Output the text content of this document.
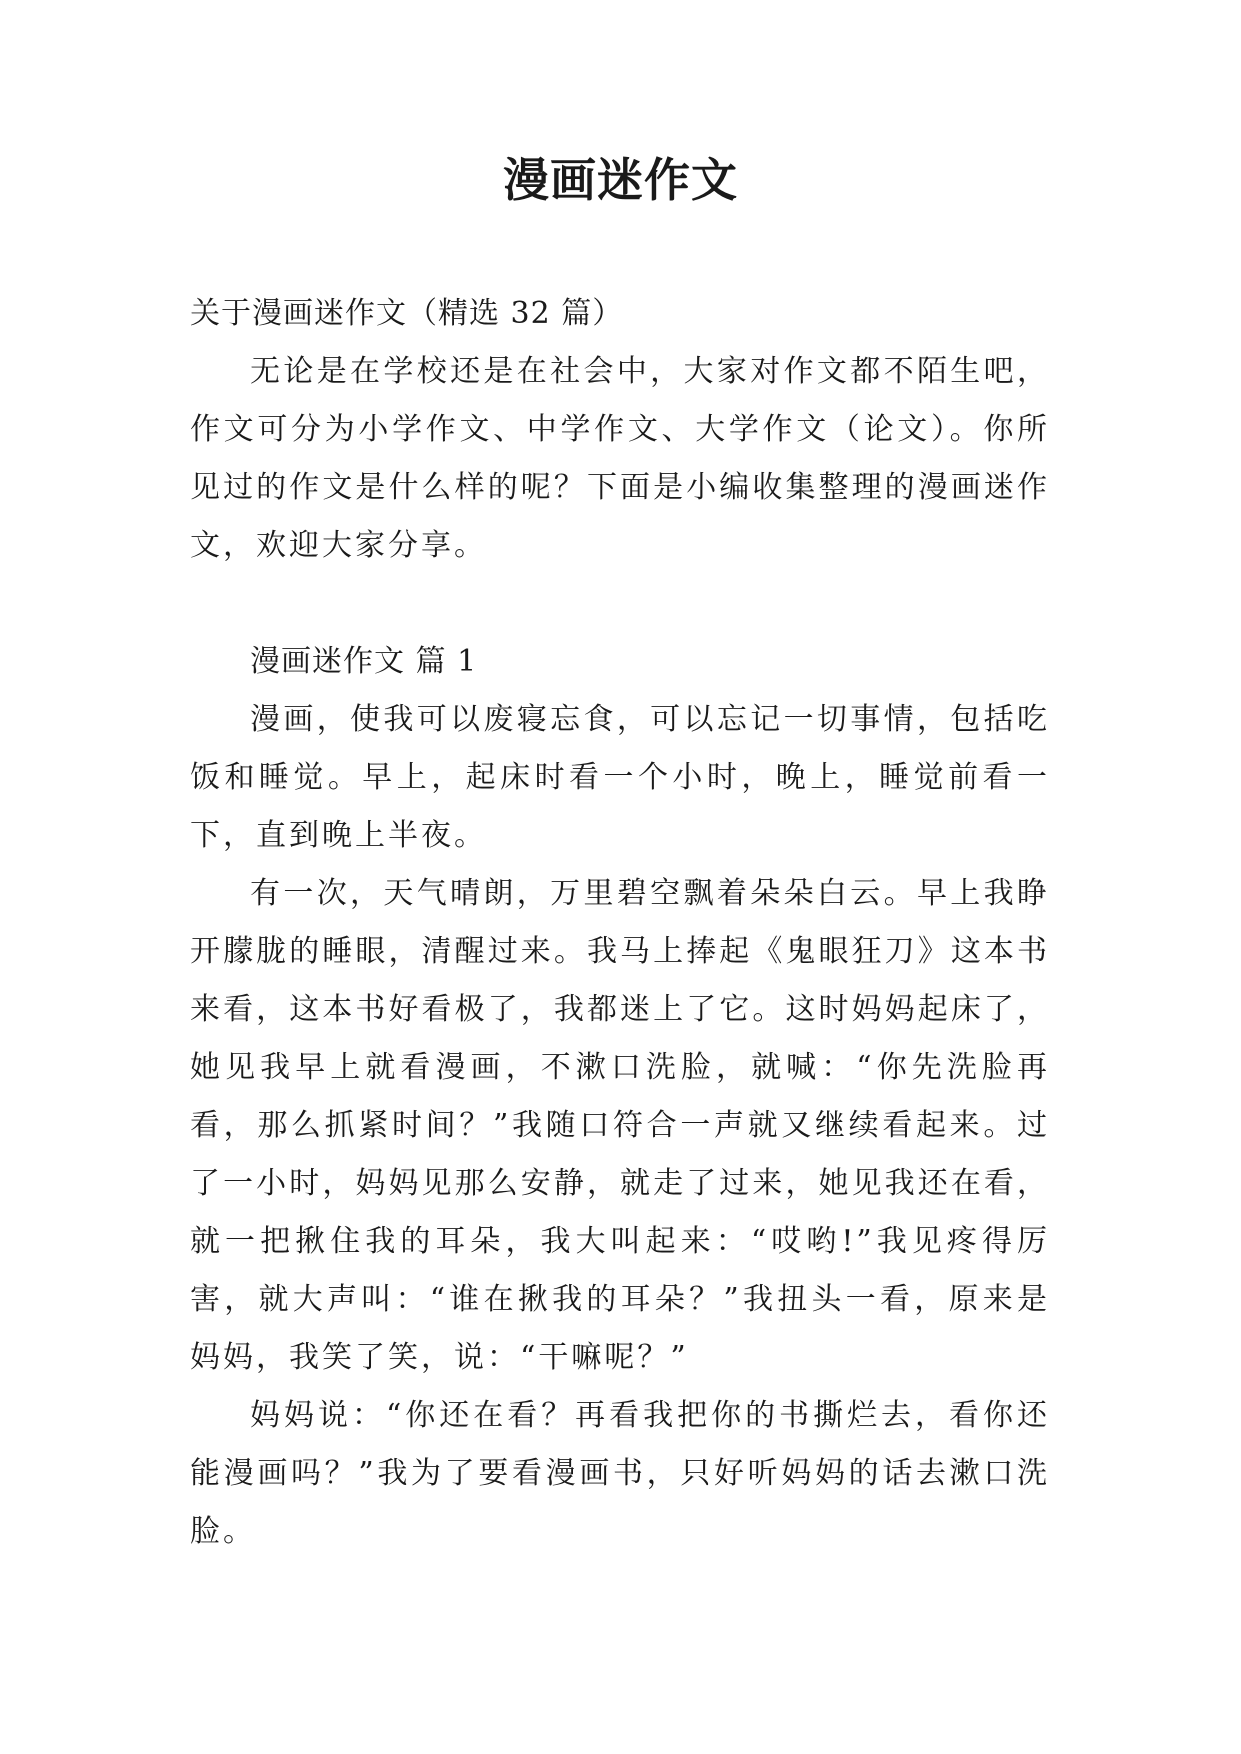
漫画迷作文

关于漫画迷作文（精选 32 篇）

无论是在学校还是在社会中，大家对作文都不陌生吧，作文可分为小学作文、中学作文、大学作文（论文）。你所见过的作文是什么样的呢？下面是小编收集整理的漫画迷作文，欢迎大家分享。

漫画迷作文 篇 1

漫画，使我可以废寝忘食，可以忘记一切事情，包括吃饭和睡觉。早上，起床时看一个小时，晚上，睡觉前看一下，直到晚上半夜。

有一次，天气晴朗，万里碧空飘着朵朵白云。早上我睁开朦胧的睡眼，清醒过来。我马上捧起《鬼眼狂刀》这本书来看，这本书好看极了，我都迷上了它。这时妈妈起床了，她见我早上就看漫画，不漱口洗脸，就喊：“你先洗脸再看，那么抓紧时间？”我随口符合一声就又继续看起来。过了一小时，妈妈见那么安静，就走了过来，她见我还在看，就一把揪住我的耳朵，我大叫起来：“哎哟!”我见疼得厉害，就大声叫：“谁在揪我的耳朵？”我扭头一看，原来是妈妈，我笑了笑，说：“干嘛呢？”

妈妈说：“你还在看？再看我把你的书撕烂去，看你还能漫画吗？”我为了要看漫画书，只好听妈妈的话去漱口洗脸。
